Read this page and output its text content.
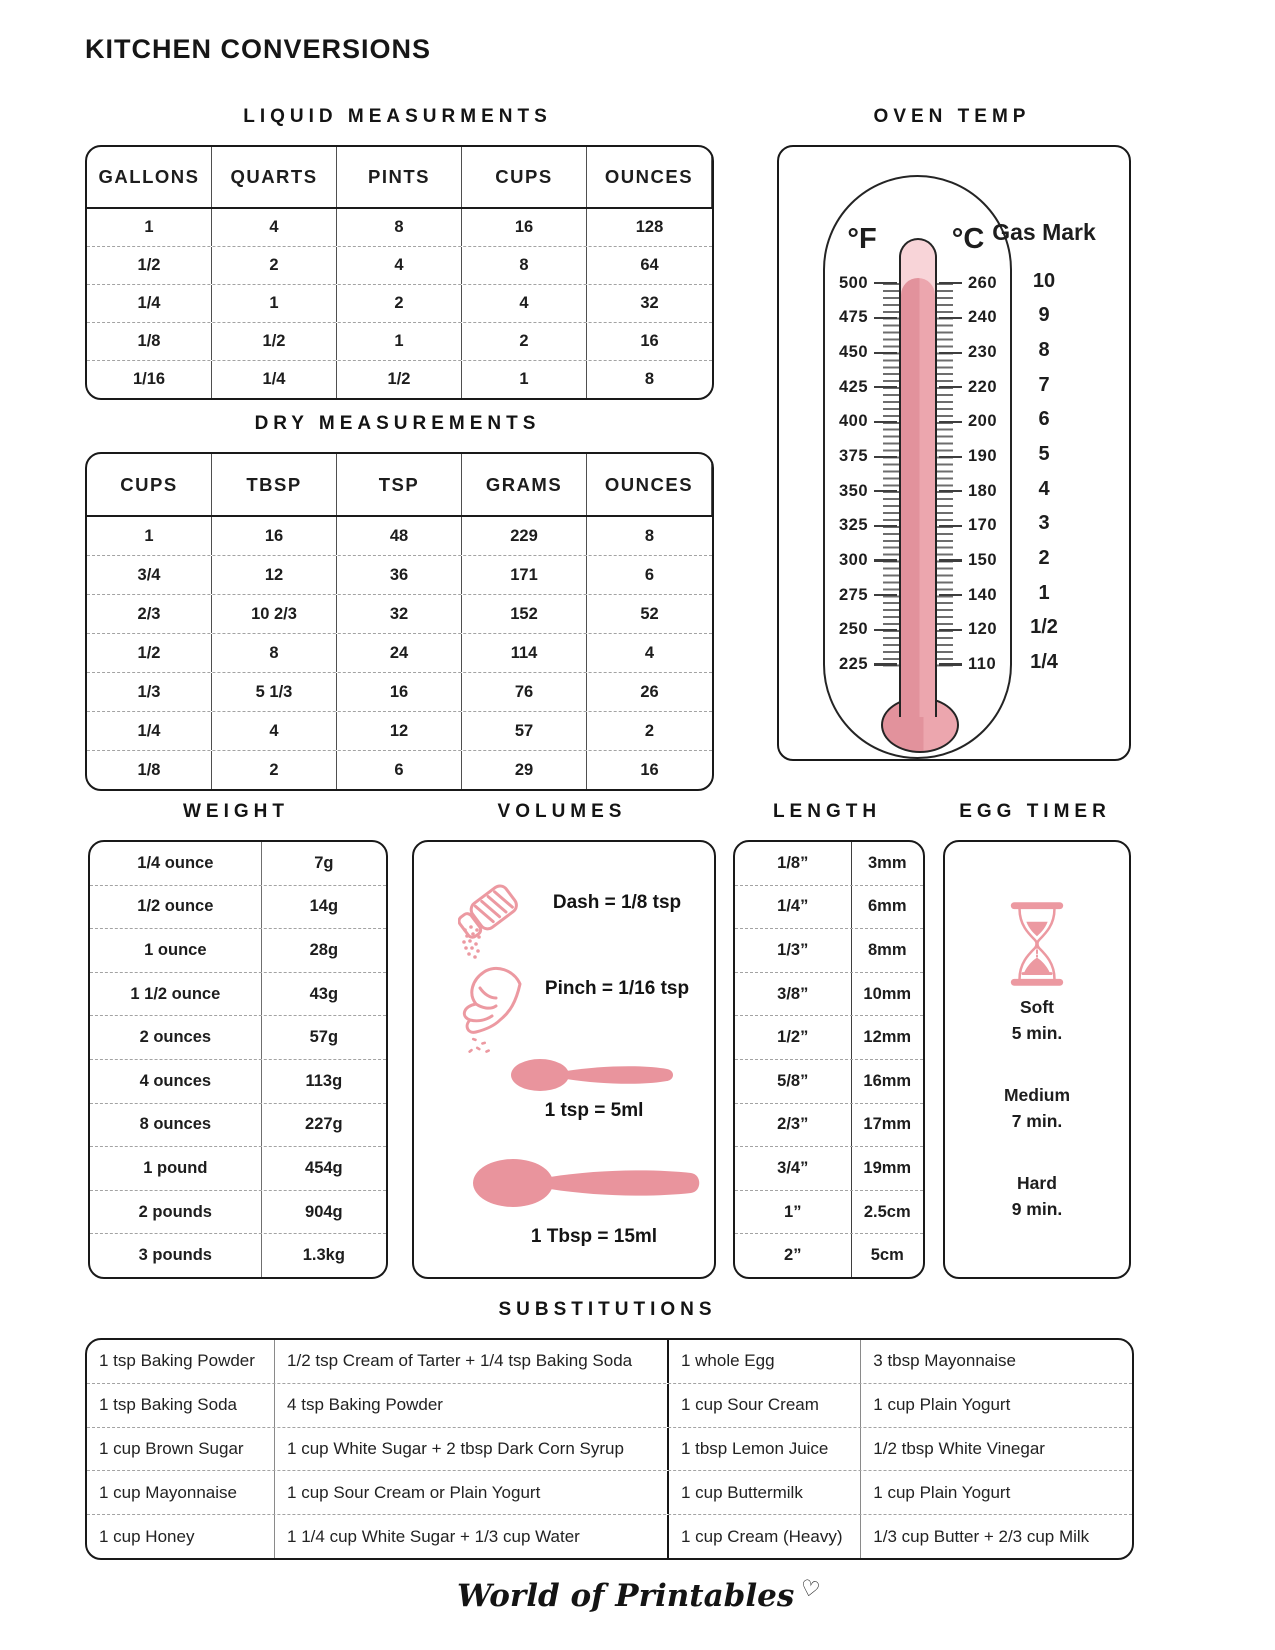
KITCHEN CONVERSIONS
LIQUID MEASURMENTS	OVEN TEMP
DRY MEASUREMENTS
WEIGHT	VOLUMES	LENGTH	EGG TIMER
SUBSTITUTIONS
GALLONS	QUARTS	PINTS	CUPS	OUNCES
1	4	8	16	128
1/2	2	4	8	64
1/4	1	2	4	32
1/8	1/2	1	2	16
1/16	1/4	1/2	1	8
°F	°C
500
475
450
425
400
375
350
325
300
275
250
225
260
240
230
220
200
190
180
170
150
140
120
110
Gas Mark
10
9
8
7
6
5
4
3
2
1
1/2
1/4
CUPS	TBSP	TSP	GRAMS	OUNCES
1	16	48	229	8
3/4	12	36	171	6
2/3	10 2/3	32	152	52
1/2	8	24	114	4
1/3	5 1/3	16	76	26
1/4	4	12	57	2
1/8	2	6	29	16
1/4 ounce	7g
1/2 ounce	14g
1 ounce	28g
1 1/2 ounce	43g
2 ounces	57g
4 ounces	113g
8 ounces	227g
1 pound	454g
2 pounds	904g
3 pounds	1.3kg
Dash = 1/8 tsp
Pinch = 1/16 tsp
1 tsp = 5ml
1 Tbsp = 15ml
1/8”	3mm
1/4”	6mm
1/3”	8mm
3/8”	10mm
1/2”	12mm
5/8”	16mm
2/3”	17mm
3/4”	19mm
1”	2.5cm
2”	5cm
Soft
5 min.
Medium
7 min.
Hard
9 min.
1 tsp Baking Powder	1/2 tsp Cream of Tarter + 1/4 tsp Baking Soda	1 whole Egg	3 tbsp Mayonnaise
1 tsp Baking Soda	4 tsp Baking Powder	1 cup Sour Cream	1 cup Plain Yogurt
1 cup Brown Sugar	1 cup White Sugar + 2 tbsp Dark Corn Syrup	1 tbsp Lemon Juice	1/2 tbsp White Vinegar
1 cup Mayonnaise	1 cup Sour Cream or Plain Yogurt	1 cup Buttermilk	1 cup Plain Yogurt
1 cup Honey	1 1/4 cup White Sugar + 1/3 cup Water	1 cup Cream (Heavy)	1/3 cup Butter + 2/3 cup Milk
World of Printables ♡
